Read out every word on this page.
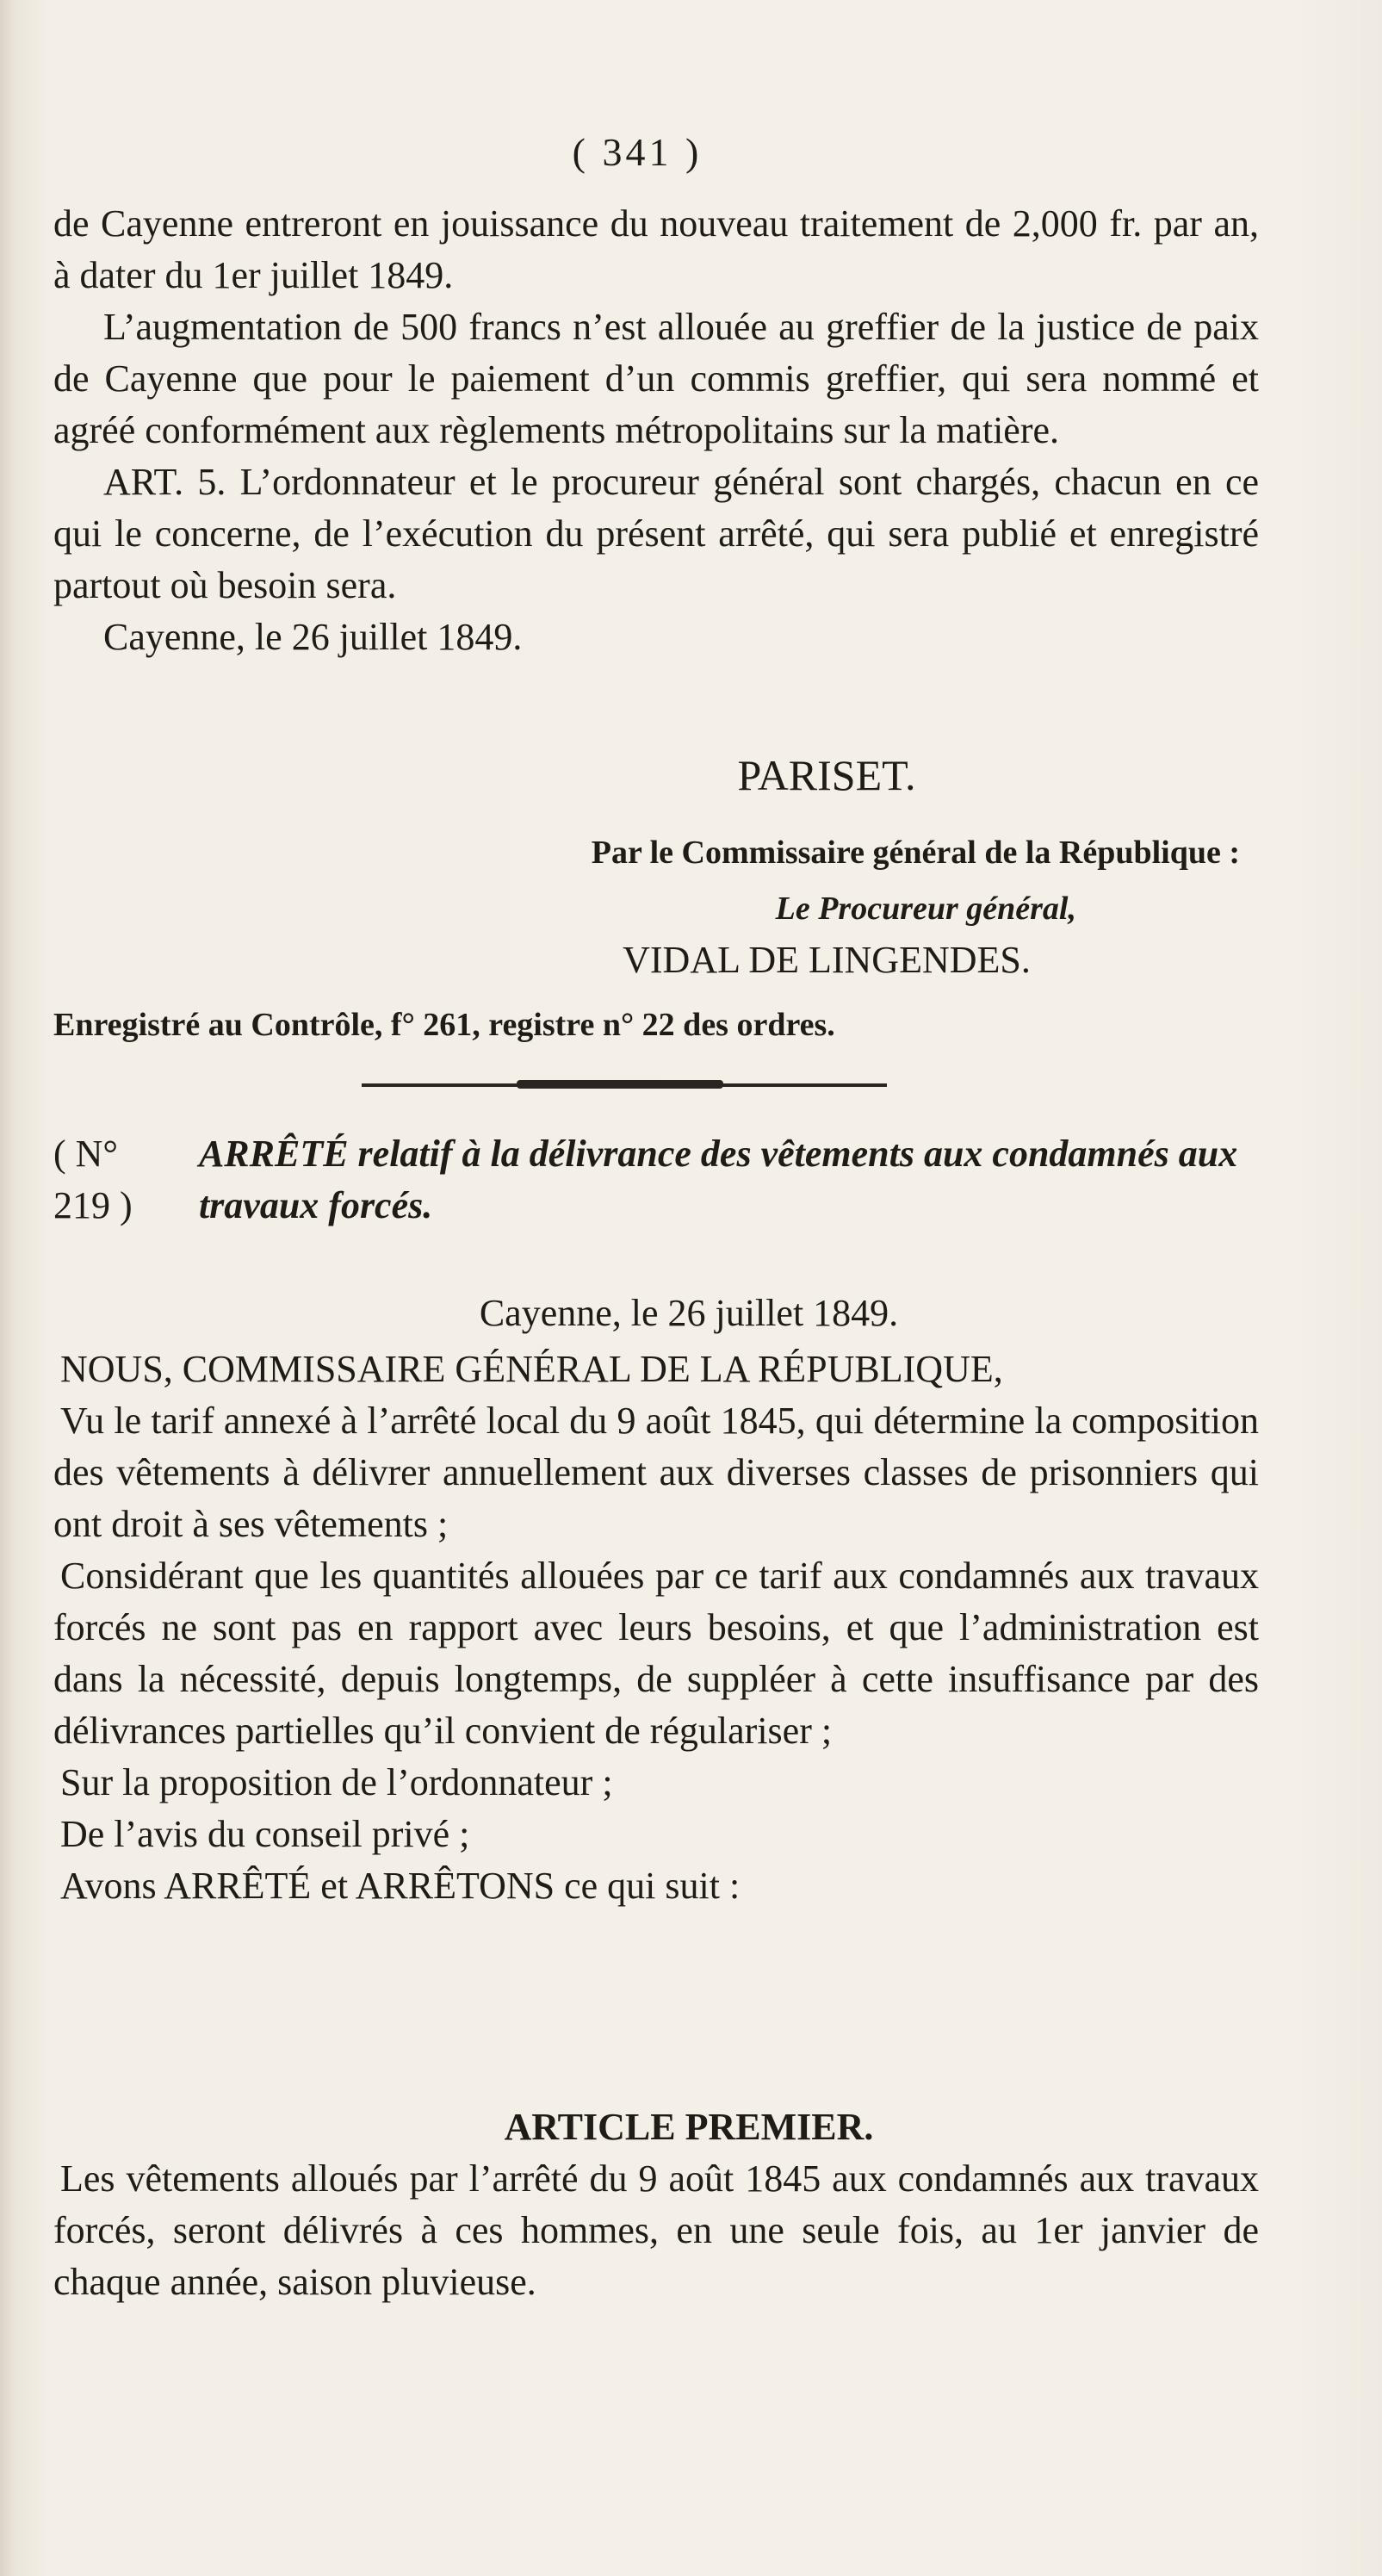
( 341 )

de Cayenne entreront en jouissance du nouveau traitement de 2,000 fr. par an, à dater du 1er juillet 1849.

L’augmentation de 500 francs n’est allouée au greffier de la justice de paix de Cayenne que pour le paiement d’un commis greffier, qui sera nommé et agréé conformément aux règlements métropolitains sur la matière.

ART. 5. L’ordonnateur et le procureur général sont chargés, chacun en ce qui le concerne, de l’exécution du présent arrêté, qui sera publié et enregistré partout où besoin sera.

Cayenne, le 26 juillet 1849.

PARISET.
Par le Commissaire général de la République :
Le Procureur général,
VIDAL DE LINGENDES.
Enregistré au Contrôle, f° 261, registre n° 22 des ordres.
( N° 219 )
ARRÊTÉ relatif à la délivrance des vêtements aux condamnés aux travaux forcés.
Cayenne, le 26 juillet 1849.

NOUS, COMMISSAIRE GÉNÉRAL DE LA RÉPUBLIQUE,

Vu le tarif annexé à l’arrêté local du 9 août 1845, qui détermine la composition des vêtements à délivrer annuellement aux diverses classes de prisonniers qui ont droit à ses vêtements ;

Considérant que les quantités allouées par ce tarif aux condamnés aux travaux forcés ne sont pas en rapport avec leurs besoins, et que l’administration est dans la nécessité, depuis longtemps, de suppléer à cette insuffisance par des délivrances partielles qu’il convient de régulariser ;

Sur la proposition de l’ordonnateur ;

De l’avis du conseil privé ;

Avons ARRÊTÉ et ARRÊTONS ce qui suit :

ARTICLE PREMIER.

Les vêtements alloués par l’arrêté du 9 août 1845 aux condamnés aux travaux forcés, seront délivrés à ces hommes, en une seule fois, au 1er janvier de chaque année, saison pluvieuse.
